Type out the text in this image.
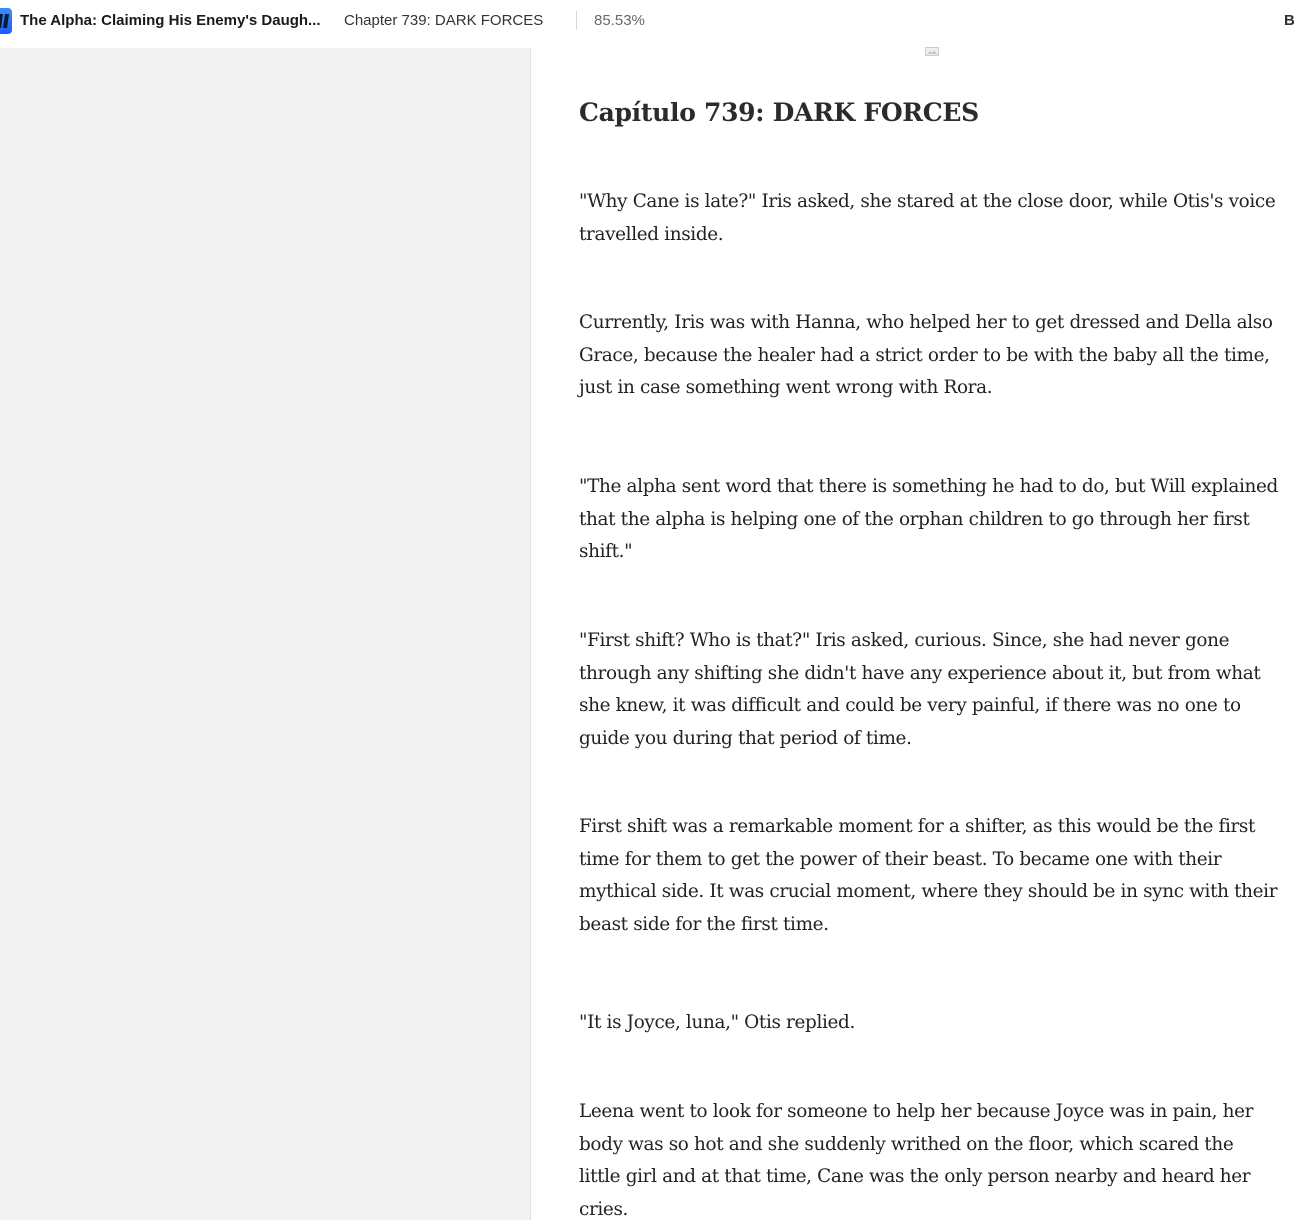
The Alpha: Claiming His Enemy's Daugh... Chapter 739: DARK FORCES	85.53%	B
Capítulo 739: DARK FORCES

"Why Cane is late?" Iris asked, she stared at the close door, while Otis's voice travelled inside.

Currently, Iris was with Hanna, who helped her to get dressed and Della also Grace, because the healer had a strict order to be with the baby all the time, just in case something went wrong with Rora.

"The alpha sent word that there is something he had to do, but Will explained that the alpha is helping one of the orphan children to go through her first shift."

"First shift? Who is that?" Iris asked, curious. Since, she had never gone through any shifting she didn't have any experience about it, but from what she knew, it was difficult and could be very painful, if there was no one to guide you during that period of time.

First shift was a remarkable moment for a shifter, as this would be the first time for them to get the power of their beast. To became one with their mythical side. It was crucial moment, where they should be in sync with their beast side for the first time.

"It is Joyce, luna," Otis replied.

Leena went to look for someone to help her because Joyce was in pain, her body was so hot and she suddenly writhed on the floor, which scared the little girl and at that time, Cane was the only person nearby and heard her cries.
